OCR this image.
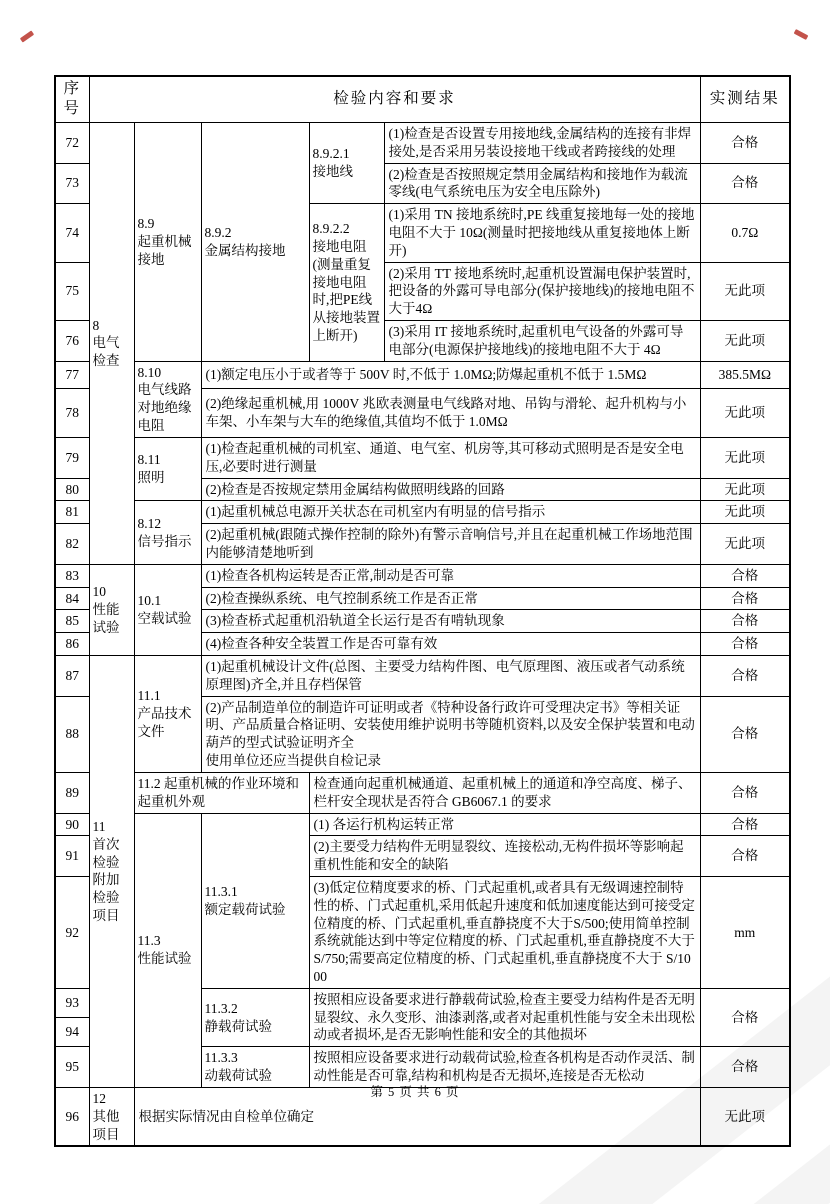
序号	检验内容和要求					实测结果
72	8
电气检查	8.9
起重机械接地	8.9.2
金属结构接地	8.9.2.1
接地线	(1)检查是否设置专用接地线,金属结构的连接有非焊接处,是否采用另装设接地干线或者跨接线的处理	合格
73					(2)检查是否按照规定禁用金属结构和接地作为载流零线(电气系统电压为安全电压除外)	合格
74				8.9.2.2
接地电阻
(测量重复接地电阻时,把PE线从接地装置上断开)	(1)采用 TN 接地系统时,PE 线重复接地每一处的接地电阻不大于 10Ω(测量时把接地线从重复接地体上断开)	0.7Ω
75					(2)采用 TT 接地系统时,起重机设置漏电保护装置时,把设备的外露可导电部分(保护接地线)的接地电阻不大于4Ω	无此项
76					(3)采用 IT 接地系统时,起重机电气设备的外露可导电部分(电源保护接地线)的接地电阻不大于 4Ω	无此项
77		8.10
电气线路对地绝缘电阻	(1)额定电压小于或者等于 500V 时,不低于 1.0MΩ;防爆起重机不低于 1.5MΩ			385.5MΩ
78			(2)绝缘起重机械,用 1000V 兆欧表测量电气线路对地、吊钩与滑轮、起升机构与小车架、小车架与大车的绝缘值,其值均不低于 1.0MΩ			无此项
79		8.11
照明	(1)检查起重机械的司机室、通道、电气室、机房等,其可移动式照明是否是安全电压,必要时进行测量			无此项
80			(2)检查是否按规定禁用金属结构做照明线路的回路			无此项
81		8.12
信号指示	(1)起重机械总电源开关状态在司机室内有明显的信号指示			无此项
82			(2)起重机械(跟随式操作控制的除外)有警示音响信号,并且在起重机械工作场地范围内能够清楚地听到			无此项
83	10
性能试验	10.1
空载试验	(1)检查各机构运转是否正常,制动是否可靠			合格
84			(2)检查操纵系统、电气控制系统工作是否正常			合格
85			(3)检查桥式起重机沿轨道全长运行是否有啃轨现象			合格
86			(4)检查各种安全装置工作是否可靠有效			合格
87	11
首次检验附加检验项目	11.1
产品技术文件	(1)起重机械设计文件(总图、主要受力结构件图、电气原理图、液压或者气动系统原理图)齐全,并且存档保管			合格
88			(2)产品制造单位的制造许可证明或者《特种设备行政许可受理决定书》等相关证明、产品质量合格证明、安装使用维护说明书等随机资料,以及安全保护装置和电动葫芦的型式试验证明齐全
使用单位还应当提供自检记录			合格
89		11.2 起重机械的作业环境和起重机外观		检查通向起重机械通道、起重机械上的通道和净空高度、梯子、栏杆安全现状是否符合 GB6067.1 的要求		合格
90		11.3
性能试验	11.3.1
额定载荷试验	(1) 各运行机构运转正常		合格
91				(2)主要受力结构件无明显裂纹、连接松动,无构件损坏等影响起重机性能和安全的缺陷		合格
92				(3)低定位精度要求的桥、门式起重机,或者具有无级调速控制特性的桥、门式起重机,采用低起升速度和低加速度能达到可接受定位精度的桥、门式起重机,垂直静挠度不大于S/500;使用简单控制系统就能达到中等定位精度的桥、门式起重机,垂直静挠度不大于 S/750;需要高定位精度的桥、门式起重机,垂直静挠度不大于 S/1000		mm
93			11.3.2
静载荷试验	按照相应设备要求进行静载荷试验,检查主要受力结构件是否无明显裂纹、永久变形、油漆剥落,或者对起重机性能与安全未出现松动或者损坏,是否无影响性能和安全的其他损坏		合格
94						
95			11.3.3
动载荷试验	按照相应设备要求进行动载荷试验,检查各机构是否动作灵活、制动性能是否可靠,结构和机构是否无损坏,连接是否无松动		合格
96	12
其他项目	根据实际情况由自检单位确定				无此项
第 5 页 共 6 页
